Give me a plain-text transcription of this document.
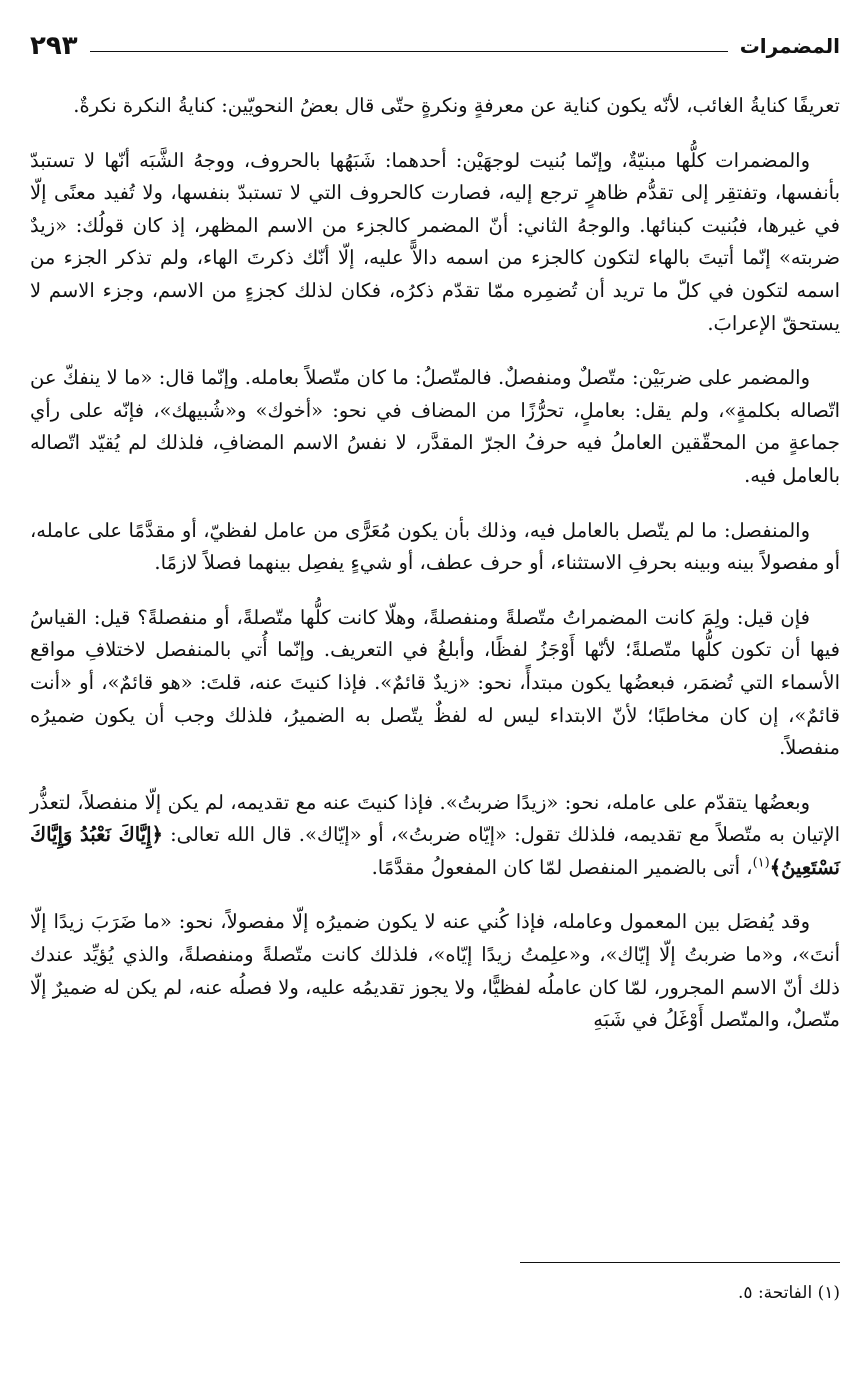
المضمرات
٢٩٣

تعريفًا كنايةُ الغائب، لأنّه يكون كناية عن معرفةٍ ونكرةٍ حتّى قال بعضُ النحويّين: كنايةُ النكرة نكرةٌ.

والمضمرات كلُّها مبنيّةٌ، وإنّما بُنيت لوجهَيْن: أحدهما: شَبَهُها بالحروف، ووجهُ الشَّبَه أنّها لا تستبدّ بأنفسها، وتفتقِر إلى تقدُّم ظاهرٍ ترجع إليه، فصارت كالحروف التي لا تستبدّ بنفسها، ولا تُفيد معنًى إلّا في غيرها، فبُنيت كبنائها. والوجهُ الثاني: أنّ المضمر كالجزء من الاسم المظهر، إذ كان قولُك: «زيدٌ ضربته» إنّما أتيتَ بالهاء لتكون كالجزء من اسمه دالاًّ عليه، إلّا أنّك ذكرتَ الهاء، ولم تذكر الجزء من اسمه لتكون في كلّ ما تريد أن تُضمِره ممّا تقدّم ذكرُه، فكان لذلك كجزءٍ من الاسم، وجزء الاسم لا يستحقّ الإعرابَ.

والمضمر على ضربَيْن: متّصلٌ ومنفصلٌ. فالمتّصلُ: ما كان متّصلاً بعامله. وإنّما قال: «ما لا ينفكّ عن اتّصاله بكلمةٍ»، ولم يقل: بعاملٍ، تحرُّزًا من المضاف في نحو: «أخوك» و«شُبيهك»، فإنّه على رأي جماعةٍ من المحقّقين العاملُ فيه حرفُ الجرّ المقدَّر، لا نفسُ الاسم المضافِ، فلذلك لم يُقيّد اتّصاله بالعامل فيه.

والمنفصل: ما لم يتّصل بالعامل فيه، وذلك بأن يكون مُعَرًّى من عامل لفظيّ، أو مقدَّمًا على عامله، أو مفصولاً بينه وبينه بحرفِ الاستثناء، أو حرف عطف، أو شيءٍ يفصِل بينهما فصلاً لازمًا.

فإن قيل: ولِمَ كانت المضمراتُ متّصلةً ومنفصلةً، وهلّا كانت كلُّها متّصلةً، أو منفصلةً؟ قيل: القياسُ فيها أن تكون كلُّها متّصلةً؛ لأنّها أَوْجَزُ لفظًا، وأبلغُ في التعريف. وإنّما أُتي بالمنفصل لاختلافِ مواقع الأسماء التي تُضمَر، فبعضُها يكون مبتدأً، نحو: «زيدٌ قائمٌ». فإذا كنيتَ عنه، قلتَ: «هو قائمٌ»، أو «أنت قائمٌ»، إن كان مخاطبًا؛ لأنّ الابتداء ليس له لفظٌ يتّصل به الضميرُ، فلذلك وجب أن يكون ضميرُه منفصلاً.

وبعضُها يتقدّم على عامله، نحو: «زيدًا ضربتُ». فإذا كنيتَ عنه مع تقديمه، لم يكن إلّا منفصلاً، لتعذُّر الإتيان به متّصلاً مع تقديمه، فلذلك تقول: «إيّاه ضربتُ»، أو «إيّاك». قال الله تعالى: ﴿إِيَّاكَ نَعْبُدُ وَإِيَّاكَ نَسْتَعِينُ﴾$^{(١)}$، أتى بالضمير المنفصل لمّا كان المفعولُ مقدَّمًا.

وقد يُفصَل بين المعمول وعامله، فإذا كُني عنه لا يكون ضميرُه إلّا مفصولاً، نحو: «ما ضَرَبَ زيدًا إلّا أنتَ»، و«ما ضربتُ إلّا إيّاك»، و«علِمتُ زيدًا إيّاه»، فلذلك كانت متّصلةً ومنفصلةً، والذي يُؤيِّد عندك ذلك أنّ الاسم المجرور، لمّا كان عاملُه لفظيًّا، ولا يجوز تقديمُه عليه، ولا فصلُه عنه، لم يكن له ضميرٌ إلّا متّصلٌ، والمتّصل أَوْغَلُ في شَبَهِ

(١) الفاتحة: ٥.
